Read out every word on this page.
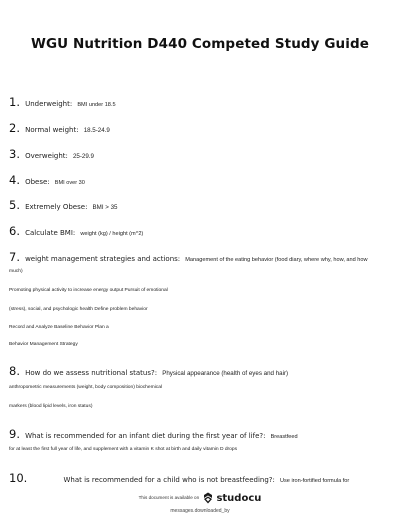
WGU Nutrition D440 Competed Study Guide
1. Underweight: BMI under 18.5
2. Normal weight: 18.5-24.9
3. Overweight: 25-29.9
4. Obese: BMI over 30
5. Extremely Obese: BMI > 35
6. Calculate BMI: weight (kg) / height (m^2)
7. weight management strategies and actions: Management of the eating behavior (food diary, where why, how, and how
much)
Promoting physical activity to increase energy output Pursuit of emotional
(stress), social, and psychologic health Define problem behavior
Record and Analyze Baseline Behavior Plan a
Behavior Management Strategy
8. How do we assess nutritional status?: Physical appearance (health of eyes and hair)
anthropometric measurements (weight, body composition) biochemical
markers (blood lipid levels, iron status)
9. What is recommended for an infant diet during the first year of life?: Breastfeed
for at least the first full year of life, and supplement with a vitamin K shot at birth and daily vitamin D drops
10.	What is recommended for a child who is not breastfeeding?: Use iron-fortified formula for
This document is available on studocu
messages.downloaded_by
